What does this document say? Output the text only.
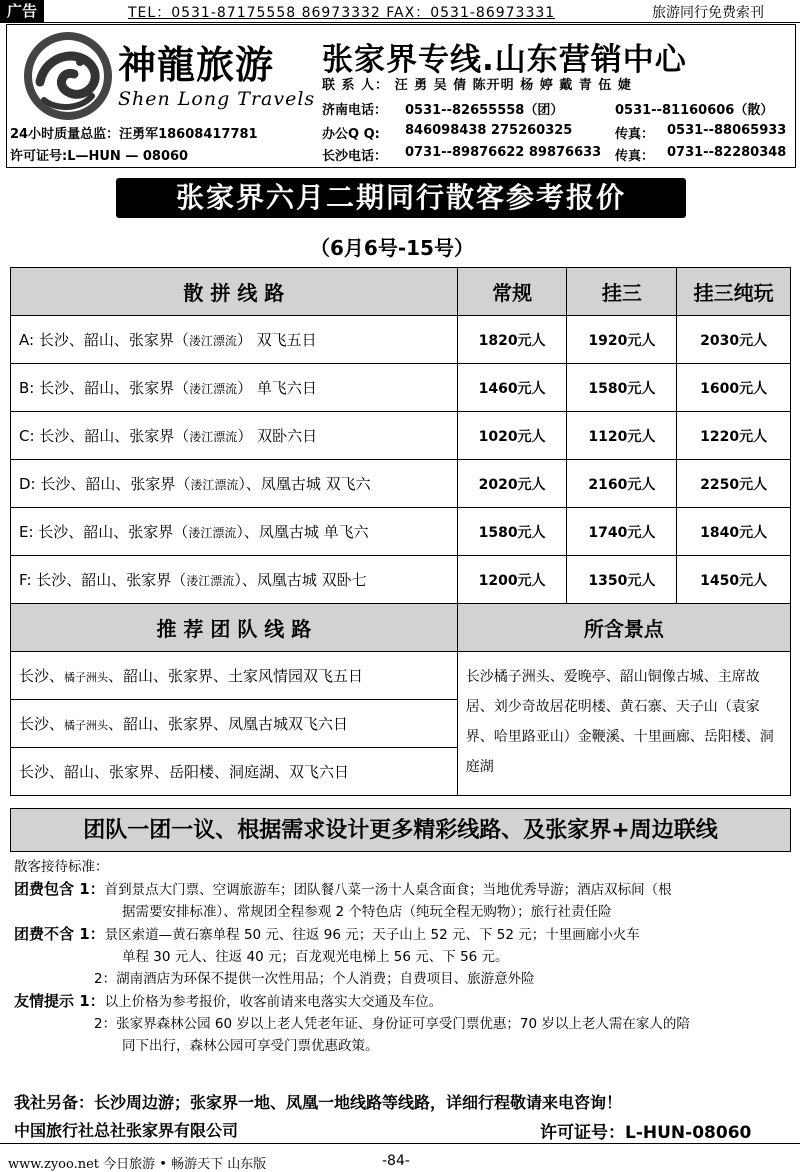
广告	TEL：0531-87175558 86973332 FAX：0531-86973331	旅游同行免费索刊
神龍旅游
Shen Long Travels
24小时质量总监：汪勇军18608417781
许可证号:L—HUN — 08060
张家界专线.山东营销中心
联 系 人： 汪 勇 吴 倩 陈开明 杨 婷 戴 青 伍 婕
济南电话： 0531--82655558（团）	0531--81160606（散）
办公Q Q: 846098438 275260325	传真： 0531--88065933
长沙电话： 0731--89876622 89876633 传真： 0731--82280348
张家界六月二期同行散客参考报价
（6月6号-15号）
散 拼 线 路	常规	挂三	挂三纯玩
A: 长沙、韶山、张家界（溇江漂流） 双飞五日	1820元人	1920元人	2030元人
B: 长沙、韶山、张家界（溇江漂流） 单飞六日	1460元人	1580元人	1600元人
C: 长沙、韶山、张家界（溇江漂流） 双卧六日	1020元人	1120元人	1220元人
D: 长沙、韶山、张家界（溇江漂流）、凤凰古城 双飞六	2020元人	2160元人	2250元人
E: 长沙、韶山、张家界（溇江漂流）、凤凰古城 单飞六	1580元人	1740元人	1840元人
F: 长沙、韶山、张家界（溇江漂流）、凤凰古城 双卧七	1200元人	1350元人	1450元人
推 荐 团 队 线 路	所含景点		
长沙、橘子洲头、韶山、张家界、土家风情园双飞五日	长沙橘子洲头、爱晚亭、韶山铜像古城、主席故居、刘少奇故居花明楼、黄石寨、天子山（袁家界、哈里路亚山）金鞭溪、十里画廊、岳阳楼、洞庭湖		
长沙、橘子洲头、韶山、张家界、凤凰古城双飞六日			
长沙、韶山、张家界、岳阳楼、洞庭湖、双飞六日			
团队一团一议、根据需求设计更多精彩线路、及张家界+周边联线
散客接待标准：
团费包含 1：首到景点大门票、空调旅游车；团队餐八菜一汤十人桌含面食；当地优秀导游；酒店双标间（根
据需要安排标准）、常规团全程参观 2 个特色店（纯玩全程无购物）；旅行社责任险
团费不含 1：景区索道—黄石寨单程 50 元、往返 96 元；天子山上 52 元、下 52 元；十里画廊小火车
单程 30 元人、往返 40 元；百龙观光电梯上 56 元、下 56 元。
2：湖南酒店为环保不提供一次性用品；个人消费；自费项目、旅游意外险
友情提示 1：以上价格为参考报价，收客前请来电落实大交通及车位。
2：张家界森林公园 60 岁以上老人凭老年证、身份证可享受门票优惠；70 岁以上老人需在家人的陪
同下出行，森林公园可享受门票优惠政策。
我社另备：长沙周边游；张家界一地、凤凰一地线路等线路，详细行程敬请来电咨询！
中国旅行社总社张家界有限公司	许可证号：L-HUN-08060
www.zyoo.net 今日旅游 • 畅游天下 山东版	-84-
